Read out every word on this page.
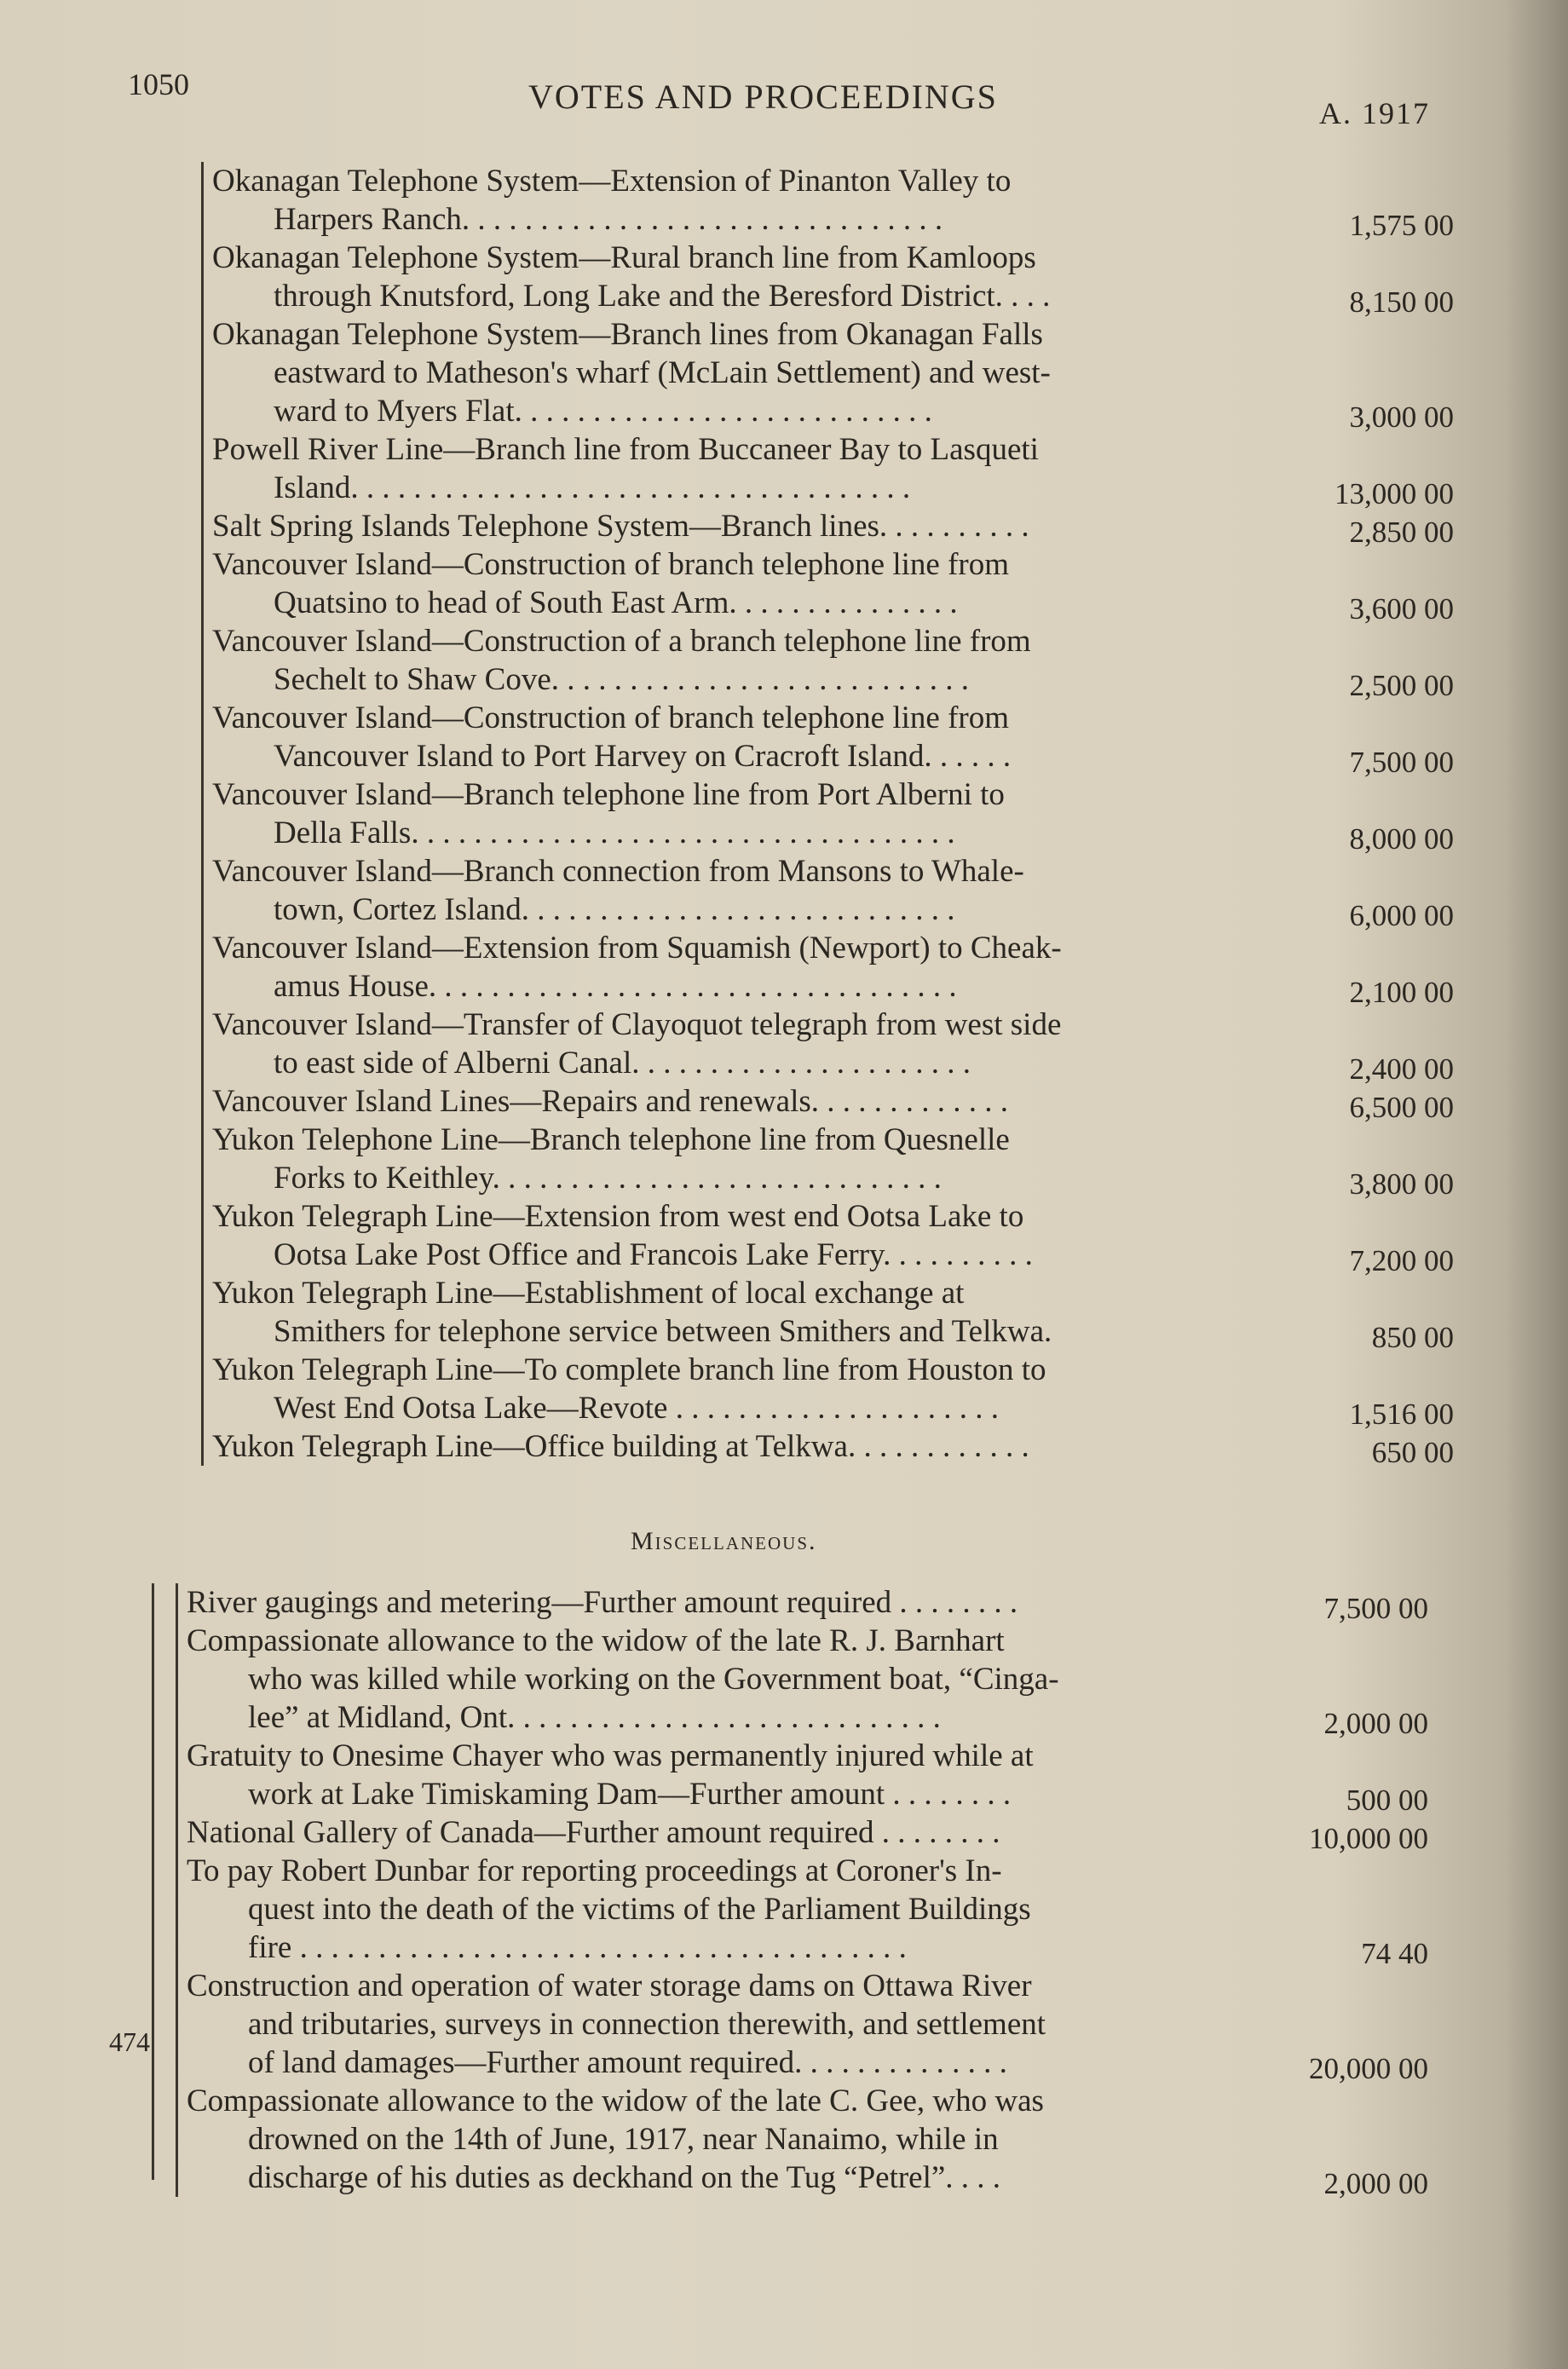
1050	VOTES AND PROCEEDINGS	A. 1917
Okanagan Telephone System—Extension of Pinanton Valley to
Harpers Ranch. . . . . . . . . . . . . . . . . . . . . . . . . . . . . . .	1,575 00
Okanagan Telephone System—Rural branch line from Kamloops
through Knutsford, Long Lake and the Beresford District. . . .	8,150 00
Okanagan Telephone System—Branch lines from Okanagan Falls
eastward to Matheson's wharf (McLain Settlement) and west-
ward to Myers Flat. . . . . . . . . . . . . . . . . . . . . . . . . . .	3,000 00
Powell River Line—Branch line from Buccaneer Bay to Lasqueti
Island. . . . . . . . . . . . . . . . . . . . . . . . . . . . . . . . . . . .	13,000 00
Salt Spring Islands Telephone System—Branch lines. . . . . . . . . .	2,850 00
Vancouver Island—Construction of branch telephone line from
Quatsino to head of South East Arm. . . . . . . . . . . . . . .	3,600 00
Vancouver Island—Construction of a branch telephone line from
Sechelt to Shaw Cove. . . . . . . . . . . . . . . . . . . . . . . . . . .	2,500 00
Vancouver Island—Construction of branch telephone line from
Vancouver Island to Port Harvey on Cracroft Island. . . . . .	7,500 00
Vancouver Island—Branch telephone line from Port Alberni to
Della Falls. . . . . . . . . . . . . . . . . . . . . . . . . . . . . . . . . . .	8,000 00
Vancouver Island—Branch connection from Mansons to Whale-
town, Cortez Island. . . . . . . . . . . . . . . . . . . . . . . . . . . .	6,000 00
Vancouver Island—Extension from Squamish (Newport) to Cheak-
amus House. . . . . . . . . . . . . . . . . . . . . . . . . . . . . . . . . .	2,100 00
Vancouver Island—Transfer of Clayoquot telegraph from west side
to east side of Alberni Canal. . . . . . . . . . . . . . . . . . . . . .	2,400 00
Vancouver Island Lines—Repairs and renewals. . . . . . . . . . . . .	6,500 00
Yukon Telephone Line—Branch telephone line from Quesnelle
Forks to Keithley. . . . . . . . . . . . . . . . . . . . . . . . . . . . .	3,800 00
Yukon Telegraph Line—Extension from west end Ootsa Lake to
Ootsa Lake Post Office and Francois Lake Ferry. . . . . . . . . .	7,200 00
Yukon Telegraph Line—Establishment of local exchange at
Smithers for telephone service between Smithers and Telkwa.	850 00
Yukon Telegraph Line—To complete branch line from Houston to
West End Ootsa Lake—Revote . . . . . . . . . . . . . . . . . . . . .	1,516 00
Yukon Telegraph Line—Office building at Telkwa. . . . . . . . . . . .	650 00
Miscellaneous.
River gaugings and metering—Further amount required . . . . . . . .	7,500 00
Compassionate allowance to the widow of the late R. J. Barnhart
who was killed while working on the Government boat, “Cinga-
lee” at Midland, Ont. . . . . . . . . . . . . . . . . . . . . . . . . . . .	2,000 00
Gratuity to Onesime Chayer who was permanently injured while at
work at Lake Timiskaming Dam—Further amount . . . . . . . .	500 00
National Gallery of Canada—Further amount required . . . . . . . .	10,000 00
To pay Robert Dunbar for reporting proceedings at Coroner's In-
quest into the death of the victims of the Parliament Buildings
fire . . . . . . . . . . . . . . . . . . . . . . . . . . . . . . . . . . . . . . .	74 40
Construction and operation of water storage dams on Ottawa River
and tributaries, surveys in connection therewith, and settlement
of land damages—Further amount required. . . . . . . . . . . . . .	20,000 00
Compassionate allowance to the widow of the late C. Gee, who was
drowned on the 14th of June, 1917, near Nanaimo, while in
discharge of his duties as deckhand on the Tug “Petrel”. . . .	2,000 00
474
